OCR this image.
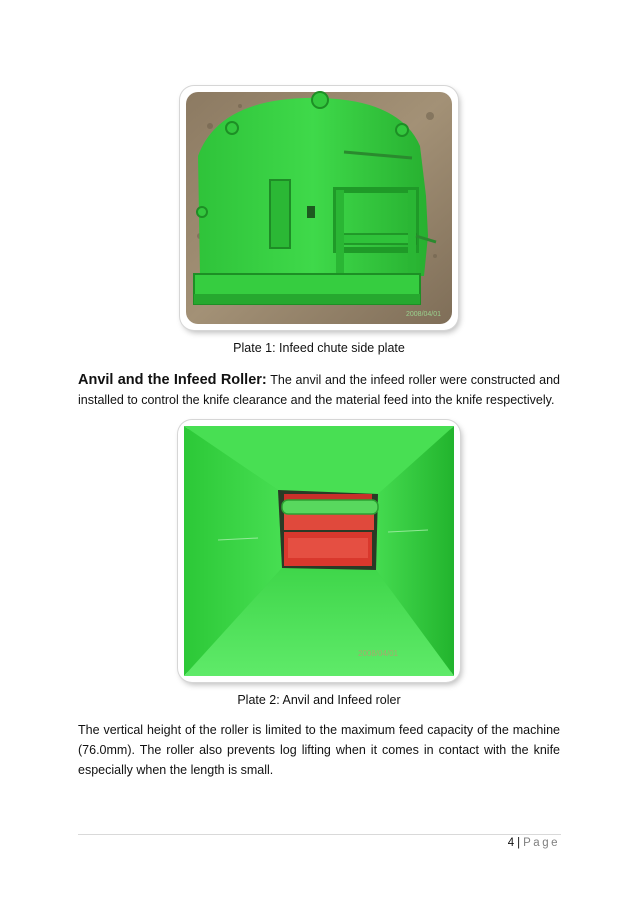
2008/04/01
Plate 1: Infeed chute side plate
Anvil and the Infeed Roller: The anvil and the infeed roller were constructed and installed to control the knife clearance and the material feed into the knife respectively.
2008/04/01
Plate 2: Anvil and Infeed roler
The vertical height of the roller is limited to the maximum feed capacity of the machine (76.0mm). The roller also prevents log lifting when it comes in contact with the knife especially when the length is small.
4 | Page
